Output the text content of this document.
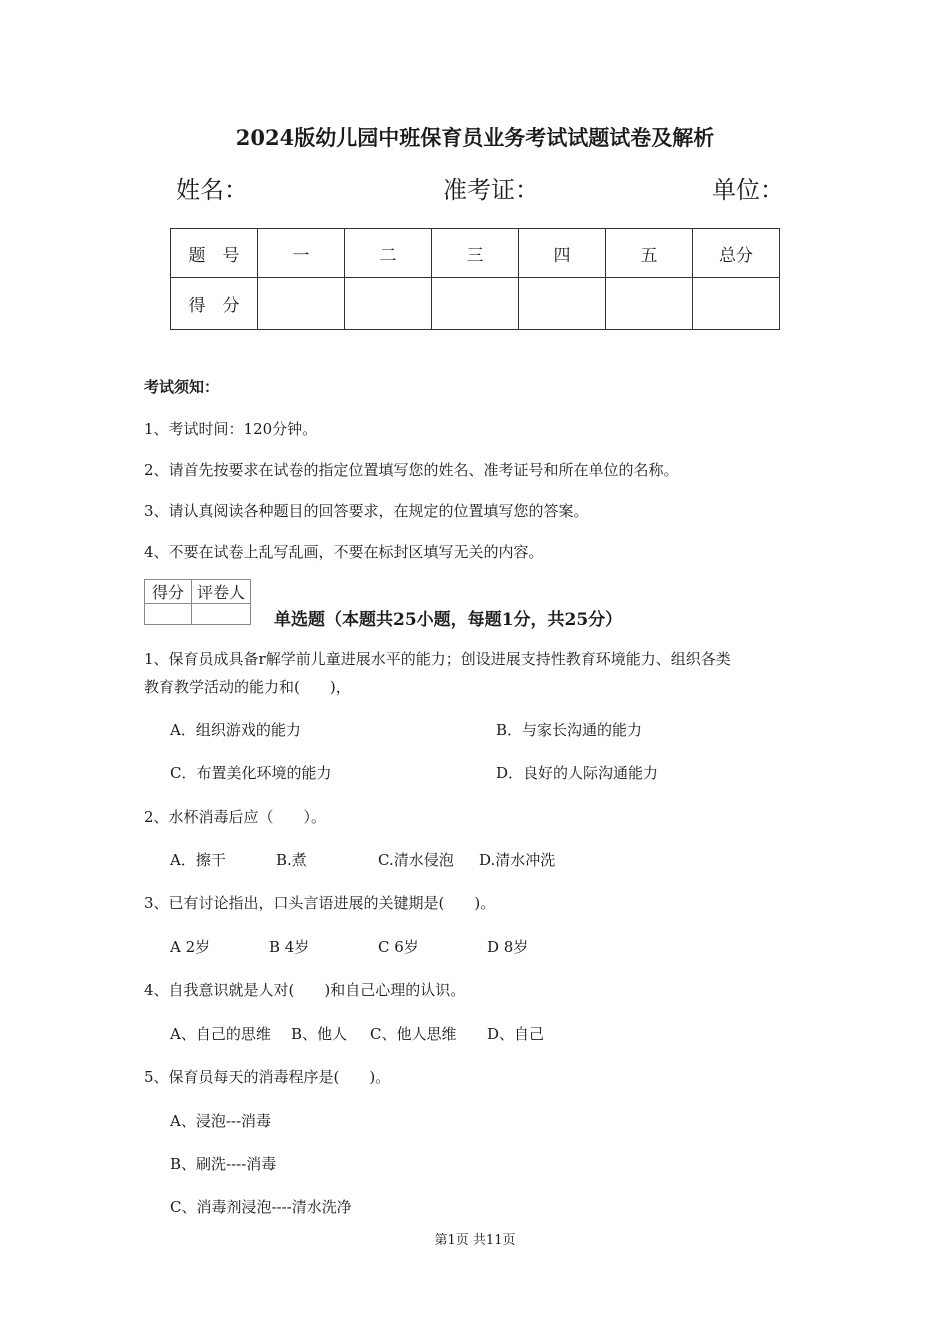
2024版幼儿园中班保育员业务考试试题试卷及解析
姓名：	准考证：	单位：
题　号	一	二	三	四	五	总分
得　分						
考试须知：
1、考试时间：120分钟。
2、请首先按要求在试卷的指定位置填写您的姓名、准考证号和所在单位的名称。
3、请认真阅读各种题目的回答要求，在规定的位置填写您的答案。
4、不要在试卷上乱写乱画，不要在标封区填写无关的内容。
得分	评卷人

单选题（本题共25小题，每题1分，共25分）
1、保育员成具备r解学前儿童进展水平的能力；创设进展支持性教育环境能力、组织各类
教育教学活动的能力和(　　)，
A．组织游戏的能力	B．与家长沟通的能力
C．布置美化环境的能力	D．良好的人际沟通能力
2、水杯消毒后应（　　）。
A．擦干	B.煮	C.清水侵泡 D.清水冲洗
3、已有讨论指出，口头言语进展的关键期是(　　)。
A 2岁	B 4岁	C 6岁	D 8岁
4、自我意识就是人对(　　)和自己心理的认识。
A、自己的思维 B、他人 C、他人思维 D、自己
5、保育员每天的消毒程序是(　　)。
A、浸泡---消毒
B、刷洗----消毒
C、消毒剂浸泡----清水洗净
第1页 共11页
